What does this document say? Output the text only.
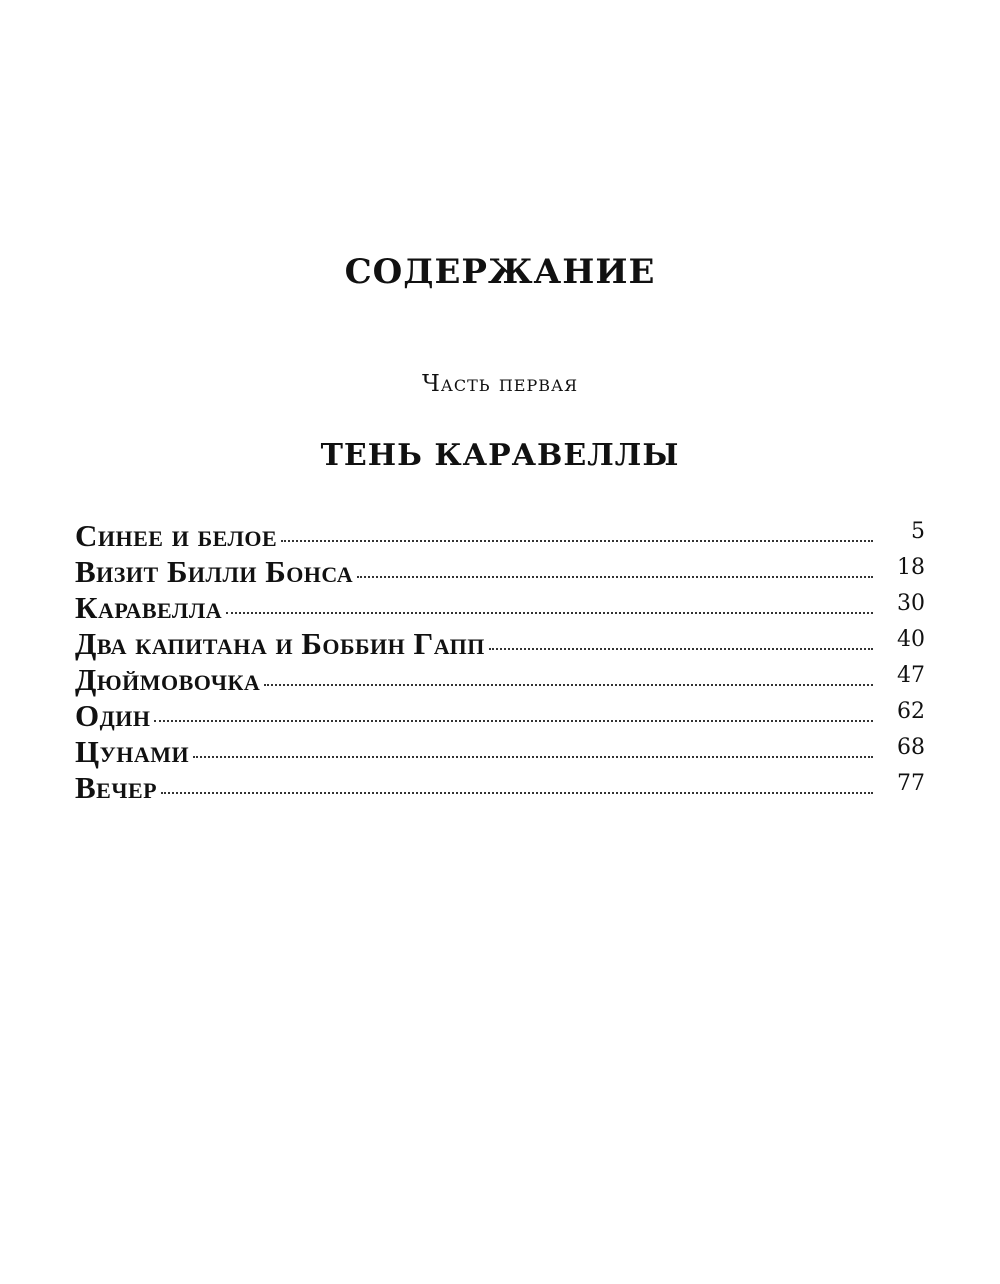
СОДЕРЖАНИЕ
Часть первая
ТЕНЬ КАРАВЕЛЛЫ
Синее и белое	5
Визит Билли Бонса	18
Каравелла	30
Два капитана и Боббин Гапп	40
Дюймовочка	47
Один	62
Цунами	68
Вечер	77
